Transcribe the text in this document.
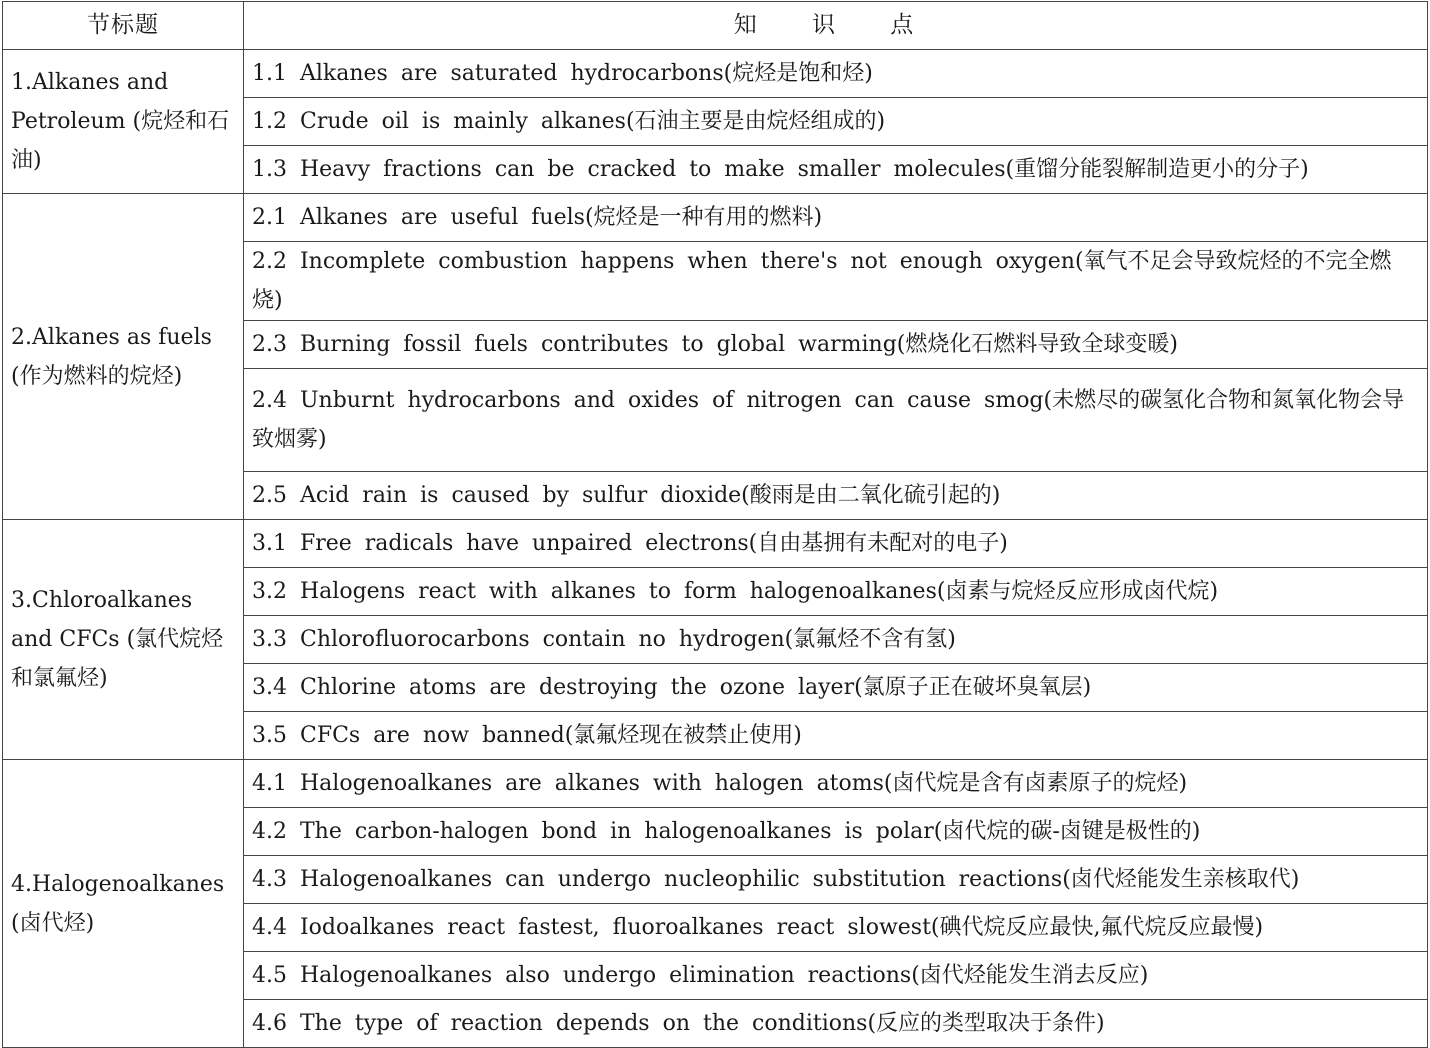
节标题	知 识 点
1.Alkanes and Petroleum (烷烃和石油)	1.1 Alkanes are saturated hydrocarbons(烷烃是饱和烃)
	1.2 Crude oil is mainly alkanes(石油主要是由烷烃组成的)
	1.3 Heavy fractions can be cracked to make smaller molecules(重馏分能裂解制造更小的分子)
2.Alkanes as fuels (作为燃料的烷烃)	2.1 Alkanes are useful fuels(烷烃是一种有用的燃料)
	2.2 Incomplete combustion happens when there's not enough oxygen(氧气不足会导致烷烃的不完全燃烧)
	2.3 Burning fossil fuels contributes to global warming(燃烧化石燃料导致全球变暖)
	2.4 Unburnt hydrocarbons and oxides of nitrogen can cause smog(未燃尽的碳氢化合物和氮氧化物会导致烟雾)
	2.5 Acid rain is caused by sulfur dioxide(酸雨是由二氧化硫引起的)
3.Chloroalkanes and CFCs (氯代烷烃和氯氟烃)	3.1 Free radicals have unpaired electrons(自由基拥有未配对的电子)
	3.2 Halogens react with alkanes to form halogenoalkanes(卤素与烷烃反应形成卤代烷)
	3.3 Chlorofluorocarbons contain no hydrogen(氯氟烃不含有氢)
	3.4 Chlorine atoms are destroying the ozone layer(氯原子正在破坏臭氧层)
	3.5 CFCs are now banned(氯氟烃现在被禁止使用)
4.Halogenoalkanes (卤代烃)	4.1 Halogenoalkanes are alkanes with halogen atoms(卤代烷是含有卤素原子的烷烃)
	4.2 The carbon-halogen bond in halogenoalkanes is polar(卤代烷的碳-卤键是极性的)
	4.3 Halogenoalkanes can undergo nucleophilic substitution reactions(卤代烃能发生亲核取代)
	4.4 Iodoalkanes react fastest, fluoroalkanes react slowest(碘代烷反应最快,氟代烷反应最慢)
	4.5 Halogenoalkanes also undergo elimination reactions(卤代烃能发生消去反应)
	4.6 The type of reaction depends on the conditions(反应的类型取决于条件)
